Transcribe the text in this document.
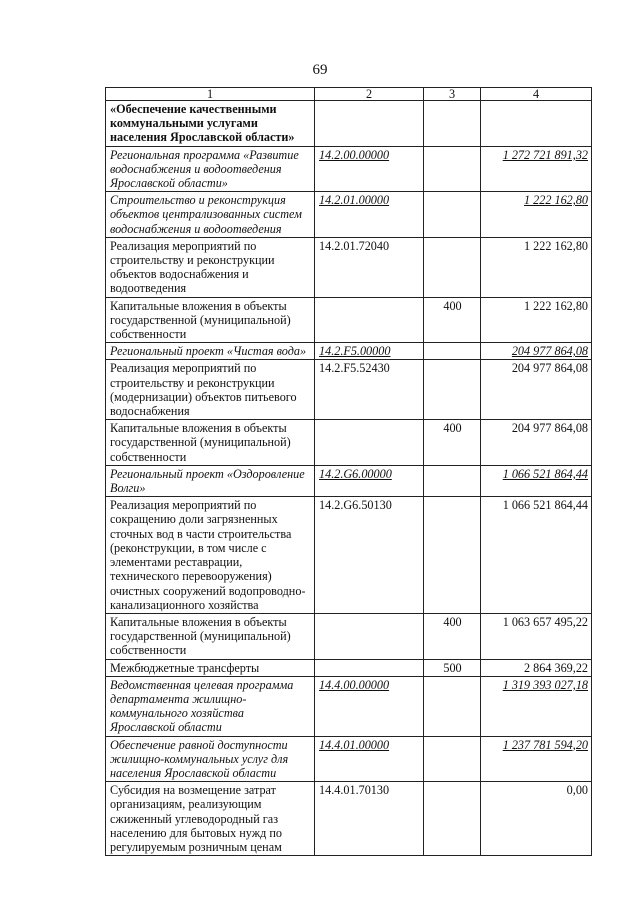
69
1	2	3	4
«Обеспечение качественными коммунальными услугами населения Ярославской области»			
Региональная программа «Развитие водоснабжения и водоотведения Ярославской области»	14.2.00.00000		1 272 721 891,32
Строительство и реконструкция объектов централизованных систем водоснабжения и водоотведения	14.2.01.00000		1 222 162,80
Реализация мероприятий по строительству и реконструкции объектов водоснабжения и водоотведения	14.2.01.72040		1 222 162,80
Капитальные вложения в объекты государственной (муниципальной) собственности		400	1 222 162,80
Региональный проект «Чистая вода»	14.2.F5.00000		204 977 864,08
Реализация мероприятий по строительству и реконструкции (модернизации) объектов питьевого водоснабжения	14.2.F5.52430		204 977 864,08
Капитальные вложения в объекты государственной (муниципальной) собственности		400	204 977 864,08
Региональный проект «Оздоровление Волги»	14.2.G6.00000		1 066 521 864,44
Реализация мероприятий по сокращению доли загрязненных сточных вод в части строительства (реконструкции, в том числе с элементами реставрации, технического перевооружения) очистных сооружений водопроводно-канализационного хозяйства	14.2.G6.50130		1 066 521 864,44
Капитальные вложения в объекты государственной (муниципальной) собственности		400	1 063 657 495,22
Межбюджетные трансферты		500	2 864 369,22
Ведомственная целевая программа департамента жилищно-коммунального хозяйства Ярославской области	14.4.00.00000		1 319 393 027,18
Обеспечение равной доступности жилищно-коммунальных услуг для населения Ярославской области	14.4.01.00000		1 237 781 594,20
Субсидия на возмещение затрат организациям, реализующим сжиженный углеводородный газ населению для бытовых нужд по регулируемым розничным ценам	14.4.01.70130		0,00
